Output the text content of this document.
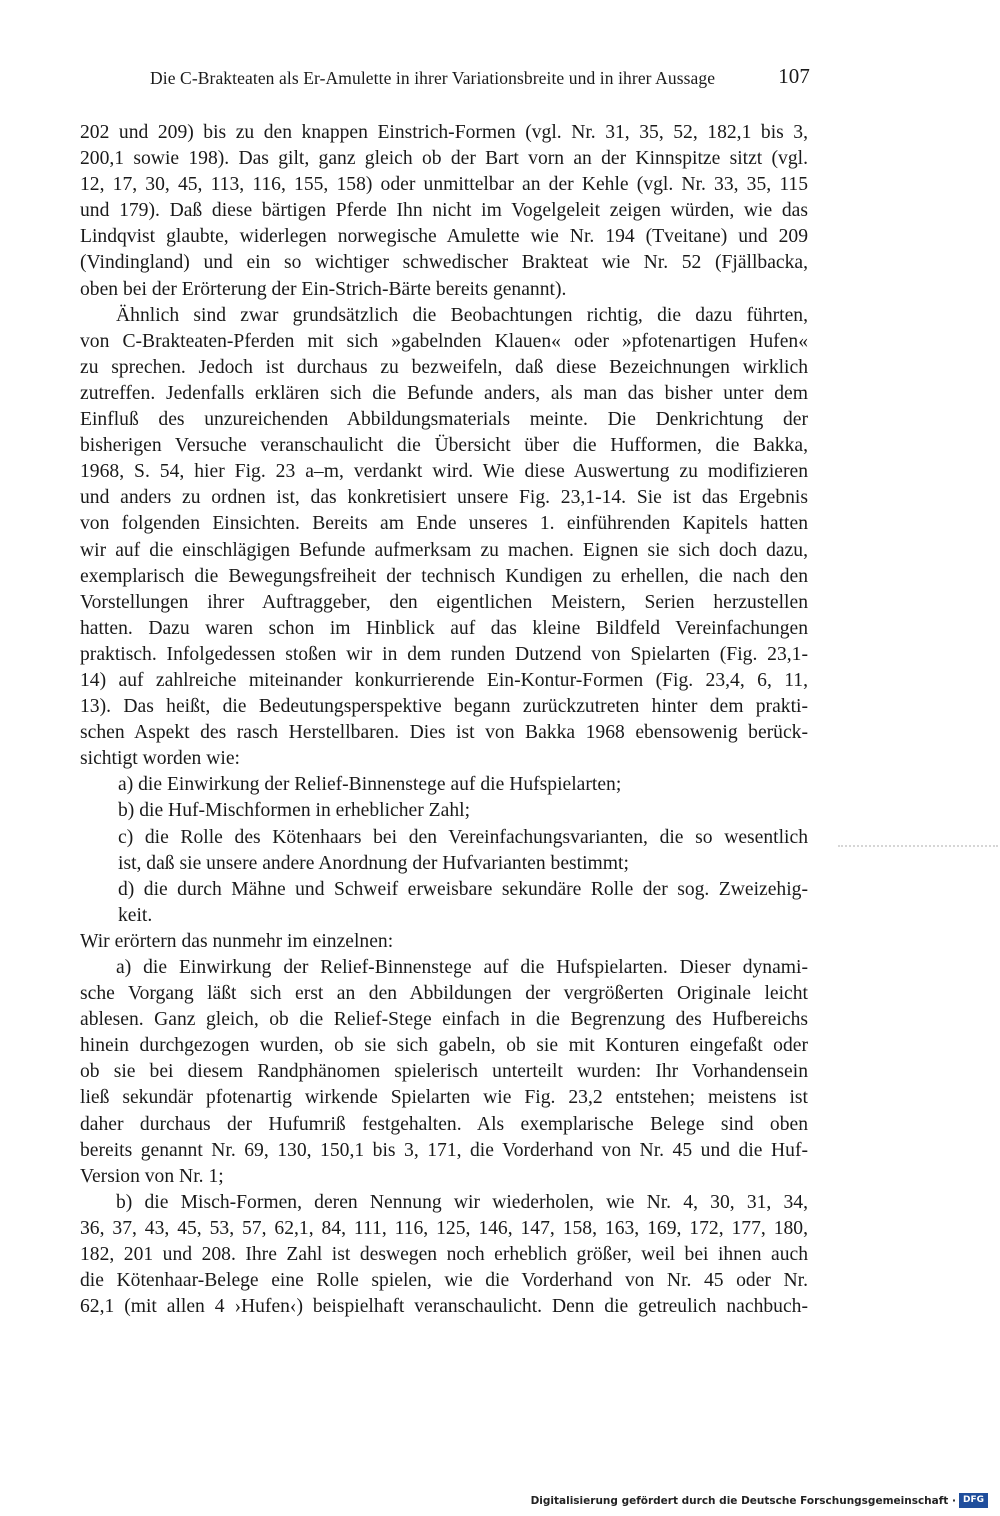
Die C-Brakteaten als Er-Amulette in ihrer Variationsbreite und in ihrer Aussage	107
202 und 209) bis zu den knappen Einstrich-Formen (vgl. Nr. 31, 35, 52, 182,1 bis 3,
200,1 sowie 198). Das gilt, ganz gleich ob der Bart vorn an der Kinnspitze sitzt (vgl.
12, 17, 30, 45, 113, 116, 155, 158) oder unmittelbar an der Kehle (vgl. Nr. 33, 35, 115
und 179). Daß diese bärtigen Pferde Ihn nicht im Vogelgeleit zeigen würden, wie das
Lindqvist glaubte, widerlegen norwegische Amulette wie Nr. 194 (Tveitane) und 209
(Vindingland) und ein so wichtiger schwedischer Brakteat wie Nr. 52 (Fjällbacka,
oben bei der Erörterung der Ein-Strich-Bärte bereits genannt).
Ähnlich sind zwar grundsätzlich die Beobachtungen richtig, die dazu führten,
von C-Brakteaten-Pferden mit sich »gabelnden Klauen« oder »pfotenartigen Hufen«
zu sprechen. Jedoch ist durchaus zu bezweifeln, daß diese Bezeichnungen wirklich
zutreffen. Jedenfalls erklären sich die Befunde anders, als man das bisher unter dem
Einfluß des unzureichenden Abbildungsmaterials meinte. Die Denkrichtung der
bisherigen Versuche veranschaulicht die Übersicht über die Hufformen, die Bakka,
1968, S. 54, hier Fig. 23 a–m, verdankt wird. Wie diese Auswertung zu modifizieren
und anders zu ordnen ist, das konkretisiert unsere Fig. 23,1-14. Sie ist das Ergebnis
von folgenden Einsichten. Bereits am Ende unseres 1. einführenden Kapitels hatten
wir auf die einschlägigen Befunde aufmerksam zu machen. Eignen sie sich doch dazu,
exemplarisch die Bewegungsfreiheit der technisch Kundigen zu erhellen, die nach den
Vorstellungen ihrer Auftraggeber, den eigentlichen Meistern, Serien herzustellen
hatten. Dazu waren schon im Hinblick auf das kleine Bildfeld Vereinfachungen
praktisch. Infolgedessen stoßen wir in dem runden Dutzend von Spielarten (Fig. 23,1-
14) auf zahlreiche miteinander konkurrierende Ein-Kontur-Formen (Fig. 23,4, 6, 11,
13). Das heißt, die Bedeutungsperspektive begann zurückzutreten hinter dem prakti-
schen Aspekt des rasch Herstellbaren. Dies ist von Bakka 1968 ebensowenig berück-
sichtigt worden wie:
a) die Einwirkung der Relief-Binnenstege auf die Hufspielarten;
b) die Huf-Mischformen in erheblicher Zahl;
c) die Rolle des Kötenhaars bei den Vereinfachungsvarianten, die so wesentlich
ist, daß sie unsere andere Anordnung der Hufvarianten bestimmt;
d) die durch Mähne und Schweif erweisbare sekundäre Rolle der sog. Zweizehig-
keit.
Wir erörtern das nunmehr im einzelnen:
a) die Einwirkung der Relief-Binnenstege auf die Hufspielarten. Dieser dynami-
sche Vorgang läßt sich erst an den Abbildungen der vergrößerten Originale leicht
ablesen. Ganz gleich, ob die Relief-Stege einfach in die Begrenzung des Hufbereichs
hinein durchgezogen wurden, ob sie sich gabeln, ob sie mit Konturen eingefaßt oder
ob sie bei diesem Randphänomen spielerisch unterteilt wurden: Ihr Vorhandensein
ließ sekundär pfotenartig wirkende Spielarten wie Fig. 23,2 entstehen; meistens ist
daher durchaus der Hufumriß festgehalten. Als exemplarische Belege sind oben
bereits genannt Nr. 69, 130, 150,1 bis 3, 171, die Vorderhand von Nr. 45 und die Huf-
Version von Nr. 1;
b) die Misch-Formen, deren Nennung wir wiederholen, wie Nr. 4, 30, 31, 34,
36, 37, 43, 45, 53, 57, 62,1, 84, 111, 116, 125, 146, 147, 158, 163, 169, 172, 177, 180,
182, 201 und 208. Ihre Zahl ist deswegen noch erheblich größer, weil bei ihnen auch
die Kötenhaar-Belege eine Rolle spielen, wie die Vorderhand von Nr. 45 oder Nr.
62,1 (mit allen 4 ›Hufen‹) beispielhaft veranschaulicht. Denn die getreulich nachbuch-
Digitalisierung gefördert durch die Deutsche Forschungsgemeinschaft · DFG
